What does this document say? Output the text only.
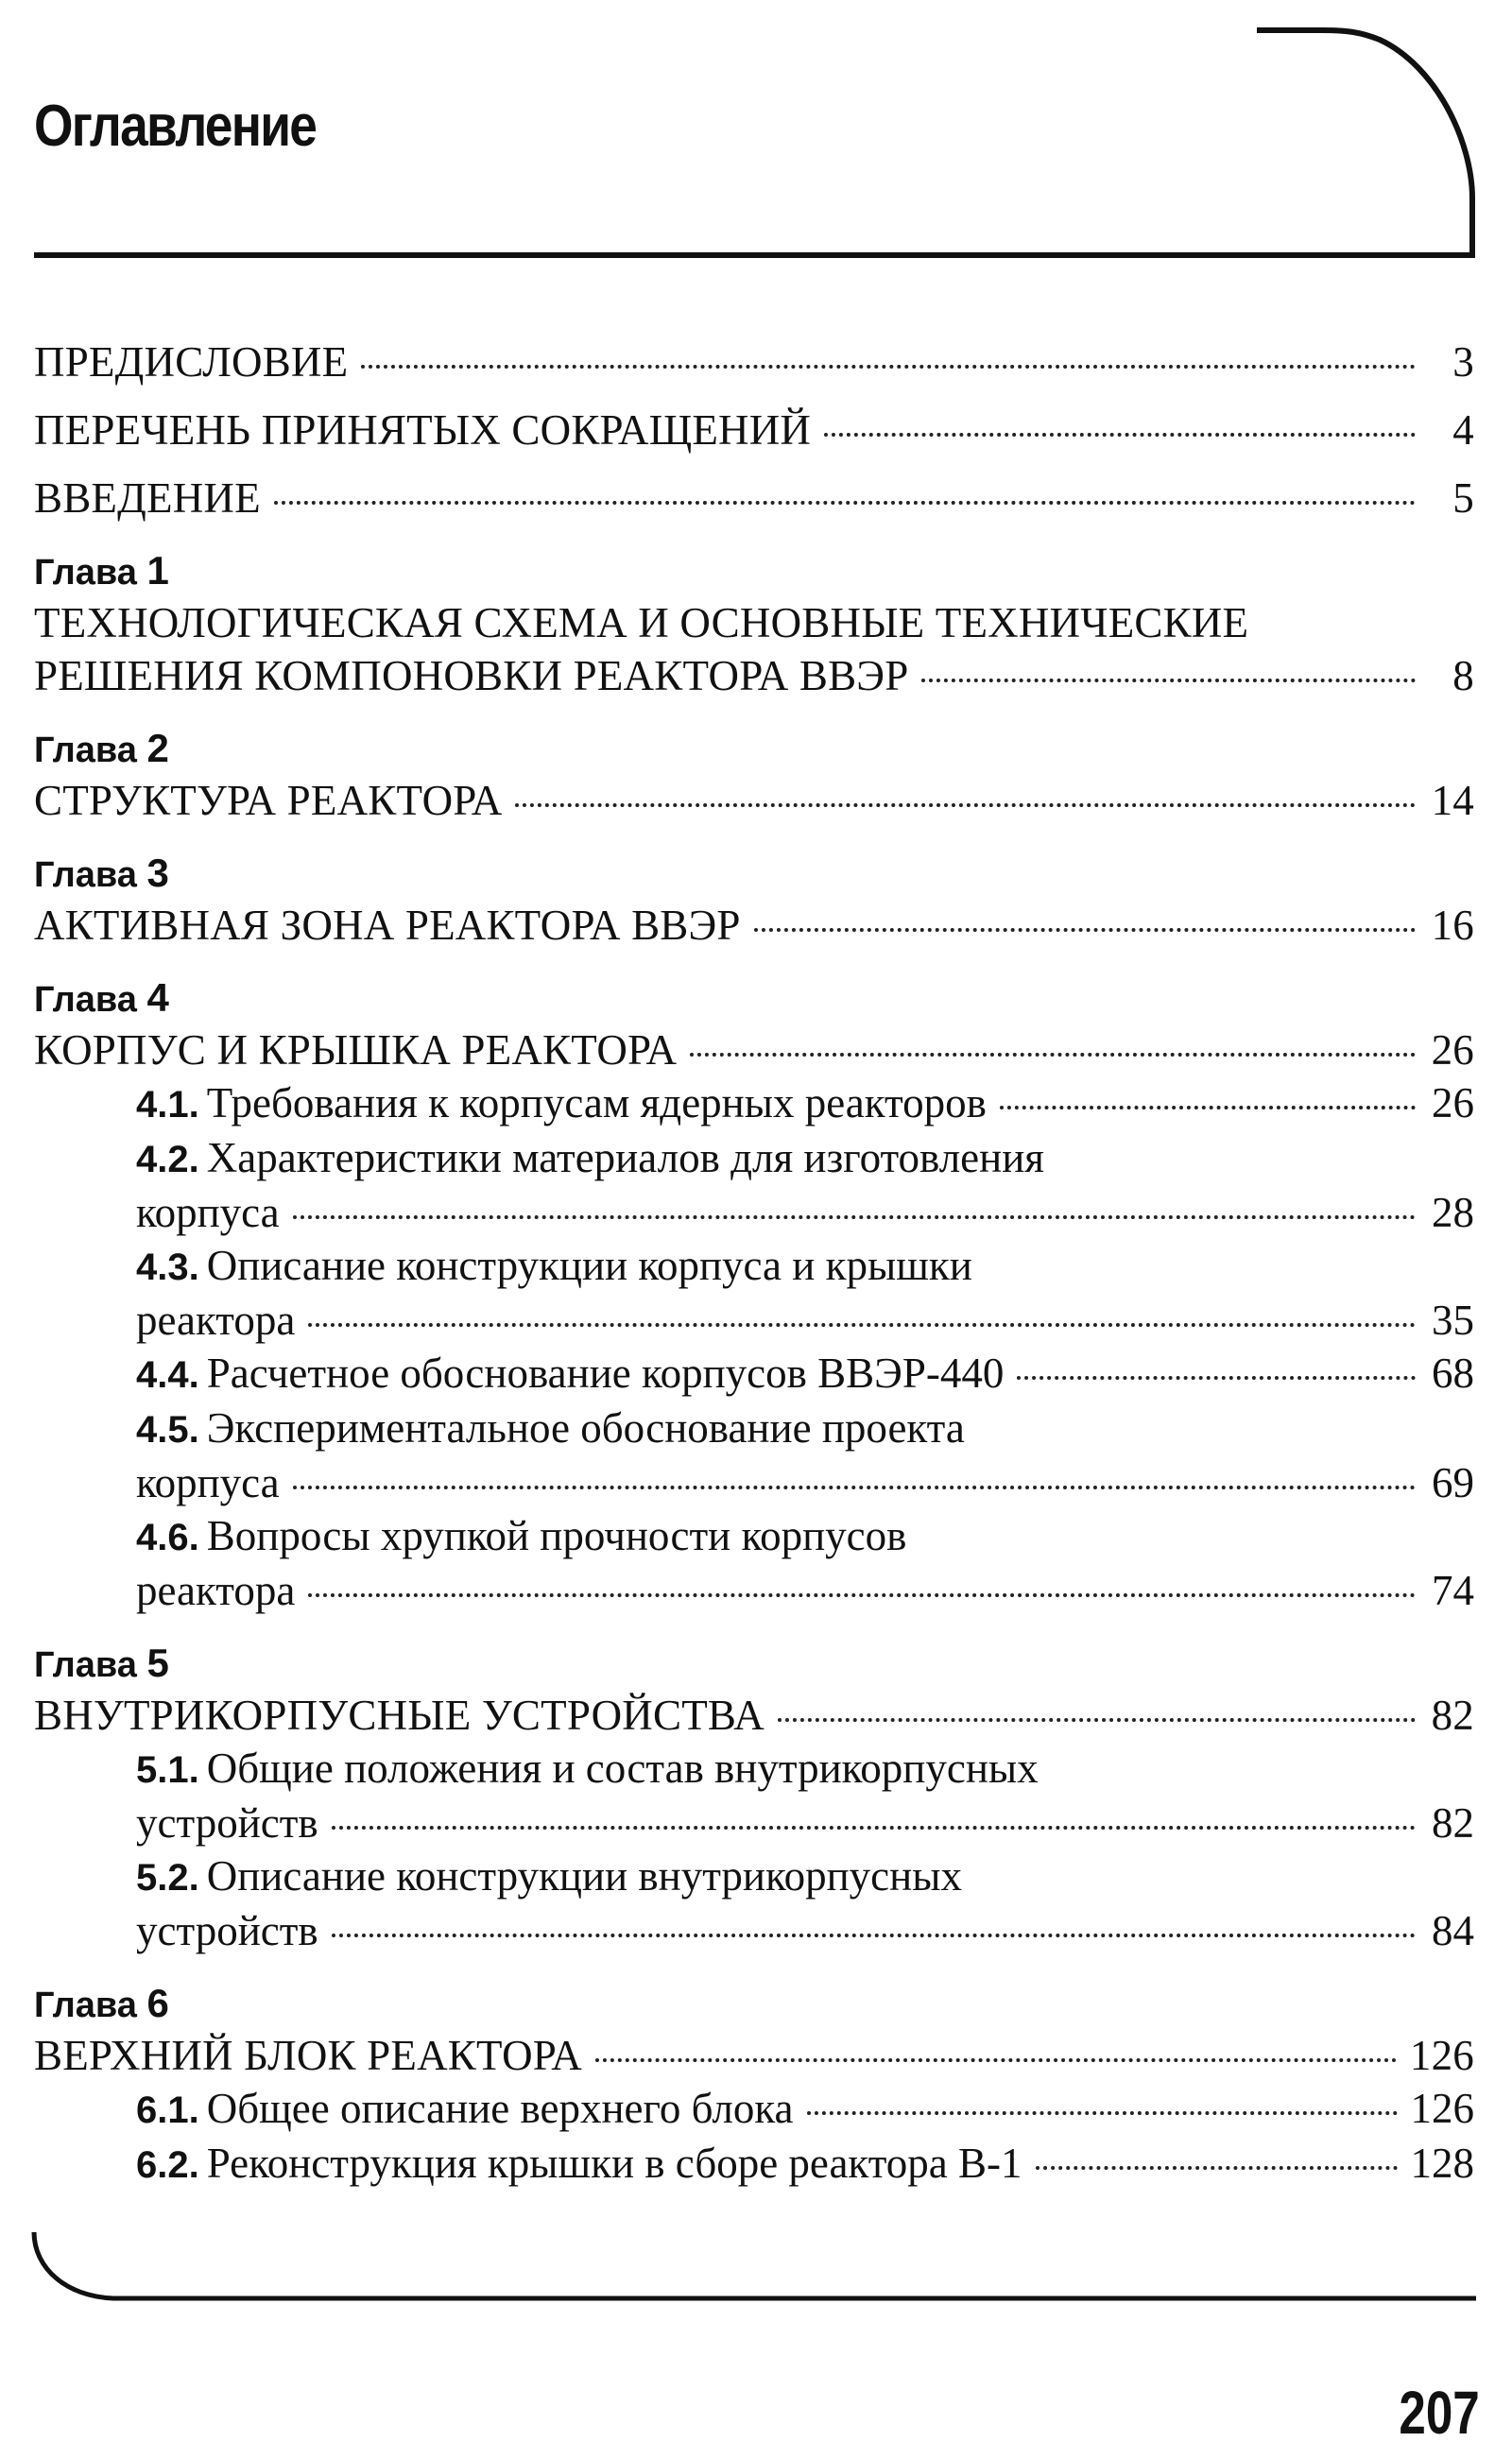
Оглавление
ПРЕДИСЛОВИЕ	3
ПЕРЕЧЕНЬ ПРИНЯТЫХ СОКРАЩЕНИЙ	4
ВВЕДЕНИЕ	5
Глава 1
ТЕХНОЛОГИЧЕСКАЯ СХЕМА И ОСНОВНЫЕ ТЕХНИЧЕСКИЕ
РЕШЕНИЯ КОМПОНОВКИ РЕАКТОРА ВВЭР	8
Глава 2
СТРУКТУРА РЕАКТОРА	14
Глава 3
АКТИВНАЯ ЗОНА РЕАКТОРА ВВЭР	16
Глава 4
КОРПУС И КРЫШКА РЕАКТОРА	26
4.1. Требования к корпусам ядерных реакторов	26
4.2. Характеристики материалов для изготовления
корпуса	28
4.3. Описание конструкции корпуса и крышки
реактора	35
4.4. Расчетное обоснование корпусов ВВЭР-440	68
4.5. Экспериментальное обоснование проекта
корпуса	69
4.6. Вопросы хрупкой прочности корпусов
реактора	74
Глава 5
ВНУТРИКОРПУСНЫЕ УСТРОЙСТВА	82
5.1. Общие положения и состав внутрикорпусных
устройств	82
5.2. Описание конструкции внутрикорпусных
устройств	84
Глава 6
ВЕРХНИЙ БЛОК РЕАКТОРА	126
6.1. Общее описание верхнего блока	126
6.2. Реконструкция крышки в сборе реактора В-1	128
207
